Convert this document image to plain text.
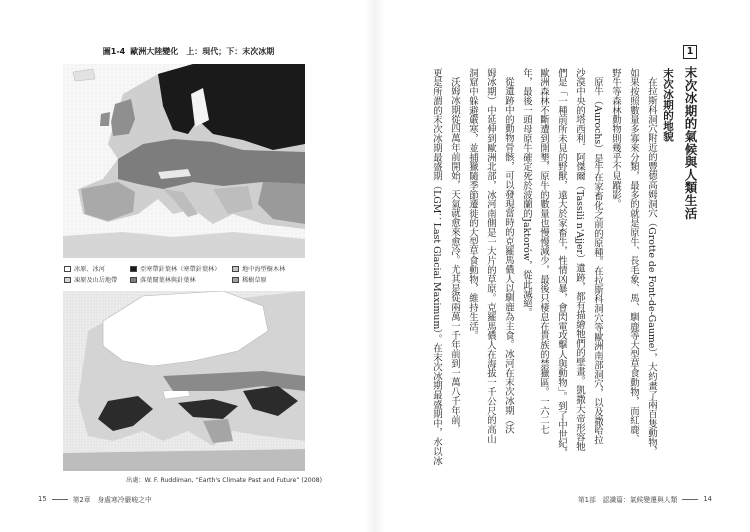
圖1-4 歐洲大陸變化　上：現代；下：末次冰期
冰原、冰河	亞寒帶針葉林（寒帶針葉林）	地中海型樹木林
凍原及山岳地帶	落葉闊葉林與針葉林	稀樹草原
出處：W. F. Ruddiman, “Earth's Climate Past and Future” (2008)
15	第2章　身處寒冷嚴峻之中
1
末次冰期的氣候與人類生活
末次冰期的地貌
在拉斯科洞穴附近的豐德高姆洞穴（Grotte de Font-de-Gaume），大約畫了兩百隻動物，
如果按照數量多寡來分類，最多的就是原牛、長毛象、馬、馴鹿等大型草食動物，而紅鹿、
野牛等森林動物則幾乎不見蹤影。
原牛（Aurochs）是牛在家畜化之前的原種。在拉斯科洞穴等歐洲南部洞穴，以及撒哈拉
沙漠中央的塔西利．阿傑爾（Tassili n'Ajjer）遺跡，都有描繪牠們的壁畫。凱撒大帝形容牠
們是「一種前所未見的野獸，遠大於家畜牛，性情凶暴，會閃電攻擊人與動物」。到了中世紀，
歐洲森林不斷遭到開墾，原牛的數量也慢慢減少，最後只棲息在貴族的禁獵區。一六二七
年，最後一頭母原牛確定死於波蘭的Jaktorów，從此滅絕。
從遺跡中的動物骨骸，可以發現當時的克羅馬儂人以馴鹿為主食。冰河在末次冰期（沃
姆冰期）中延伸到歐洲北部，冰河南側是一大片的草原。克羅馬儂人在海拔一千公尺的高山
洞窟中躲避嚴寒，並捕獵隨季節遷徙的大型草食動物，維持生活。
沃姆冰期從四萬年前開始，天氣就愈來愈冷。尤其是從兩萬一千年前到一萬八千年前，
更是所謂的末次冰期最盛期（LGM：Last Glacial Maximum）。在末次冰期最盛期中，水以冰
第1部　認識篇：氣候變遷與人類	14
